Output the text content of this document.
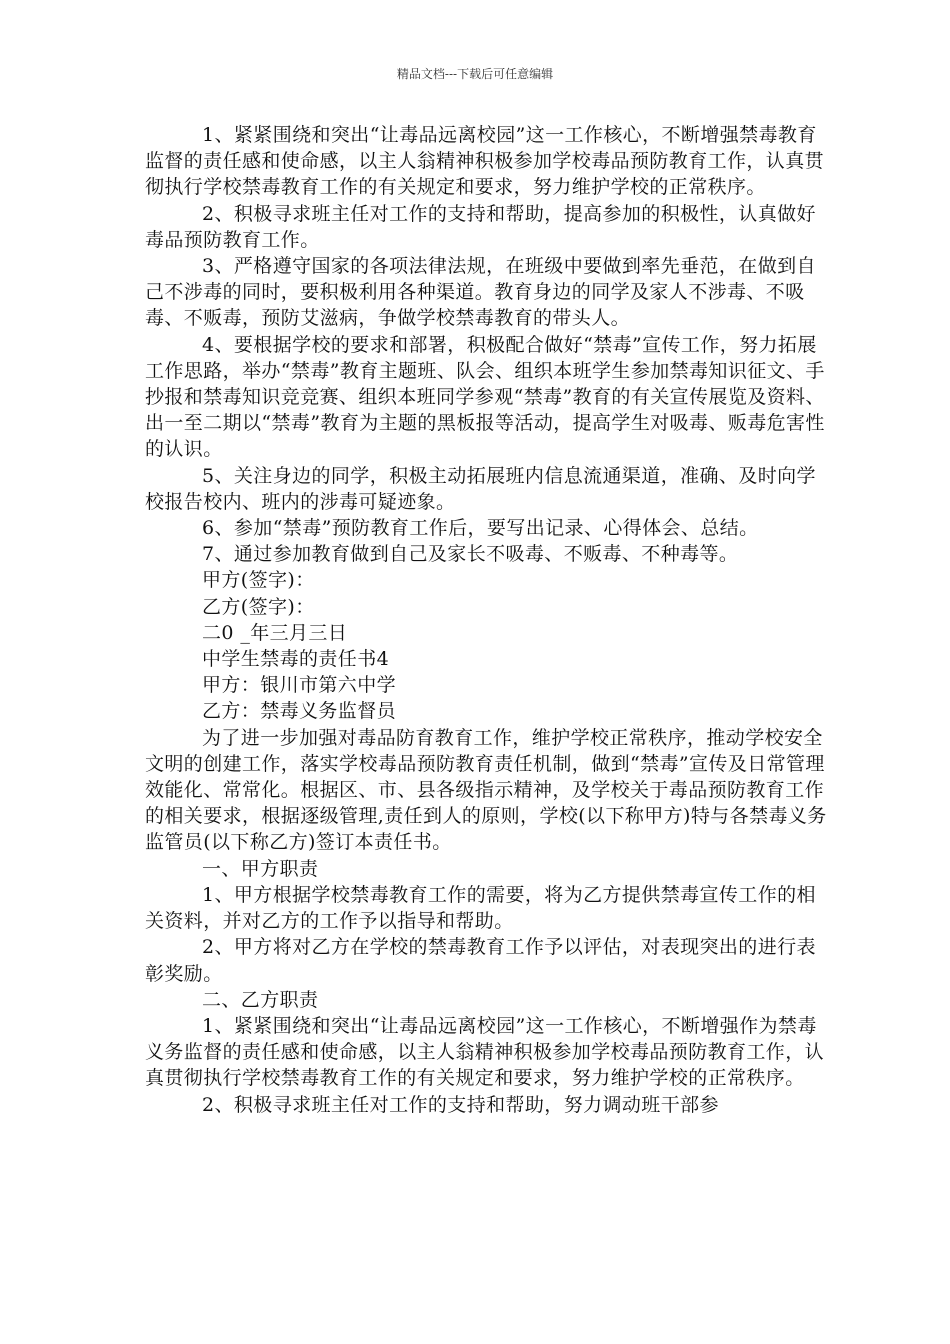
精品文档---下载后可任意编辑

1、紧紧围绕和突出“让毒品远离校园”这一工作核心，不断增强禁毒教育监督的责任感和使命感，以主人翁精神积极参加学校毒品预防教育工作，认真贯彻执行学校禁毒教育工作的有关规定和要求，努力维护学校的正常秩序。

2、积极寻求班主任对工作的支持和帮助，提高参加的积极性，认真做好毒品预防教育工作。

3、严格遵守国家的各项法律法规，在班级中要做到率先垂范，在做到自己不涉毒的同时，要积极利用各种渠道。教育身边的同学及家人不涉毒、不吸毒、不贩毒，预防艾滋病，争做学校禁毒教育的带头人。

4、要根据学校的要求和部署，积极配合做好“禁毒”宣传工作，努力拓展工作思路，举办“禁毒”教育主题班、队会、组织本班学生参加禁毒知识征文、手抄报和禁毒知识竞竞赛、组织本班同学参观“禁毒”教育的有关宣传展览及资料、出一至二期以“禁毒”教育为主题的黑板报等活动，提高学生对吸毒、贩毒危害性的认识。

5、关注身边的同学，积极主动拓展班内信息流通渠道，准确、及时向学校报告校内、班内的涉毒可疑迹象。

6、参加“禁毒”预防教育工作后，要写出记录、心得体会、总结。

7、通过参加教育做到自己及家长不吸毒、不贩毒、不种毒等。

甲方(签字)：

乙方(签字)：

二0 _年三月三日

中学生禁毒的责任书4

甲方：银川市第六中学

乙方：禁毒义务监督员

为了进一步加强对毒品防育教育工作，维护学校正常秩序，推动学校安全文明的创建工作，落实学校毒品预防教育责任机制，做到“禁毒”宣传及日常管理效能化、常常化。根据区、市、县各级指示精神，及学校关于毒品预防教育工作的相关要求，根据逐级管理,责任到人的原则，学校(以下称甲方)特与各禁毒义务监管员(以下称乙方)签订本责任书。

一、甲方职责

1、甲方根据学校禁毒教育工作的需要，将为乙方提供禁毒宣传工作的相关资料，并对乙方的工作予以指导和帮助。

2、甲方将对乙方在学校的禁毒教育工作予以评估，对表现突出的进行表彰奖励。

二、乙方职责

1、紧紧围绕和突出“让毒品远离校园”这一工作核心，不断增强作为禁毒义务监督的责任感和使命感，以主人翁精神积极参加学校毒品预防教育工作，认真贯彻执行学校禁毒教育工作的有关规定和要求，努力维护学校的正常秩序。

2、积极寻求班主任对工作的支持和帮助，努力调动班干部参
